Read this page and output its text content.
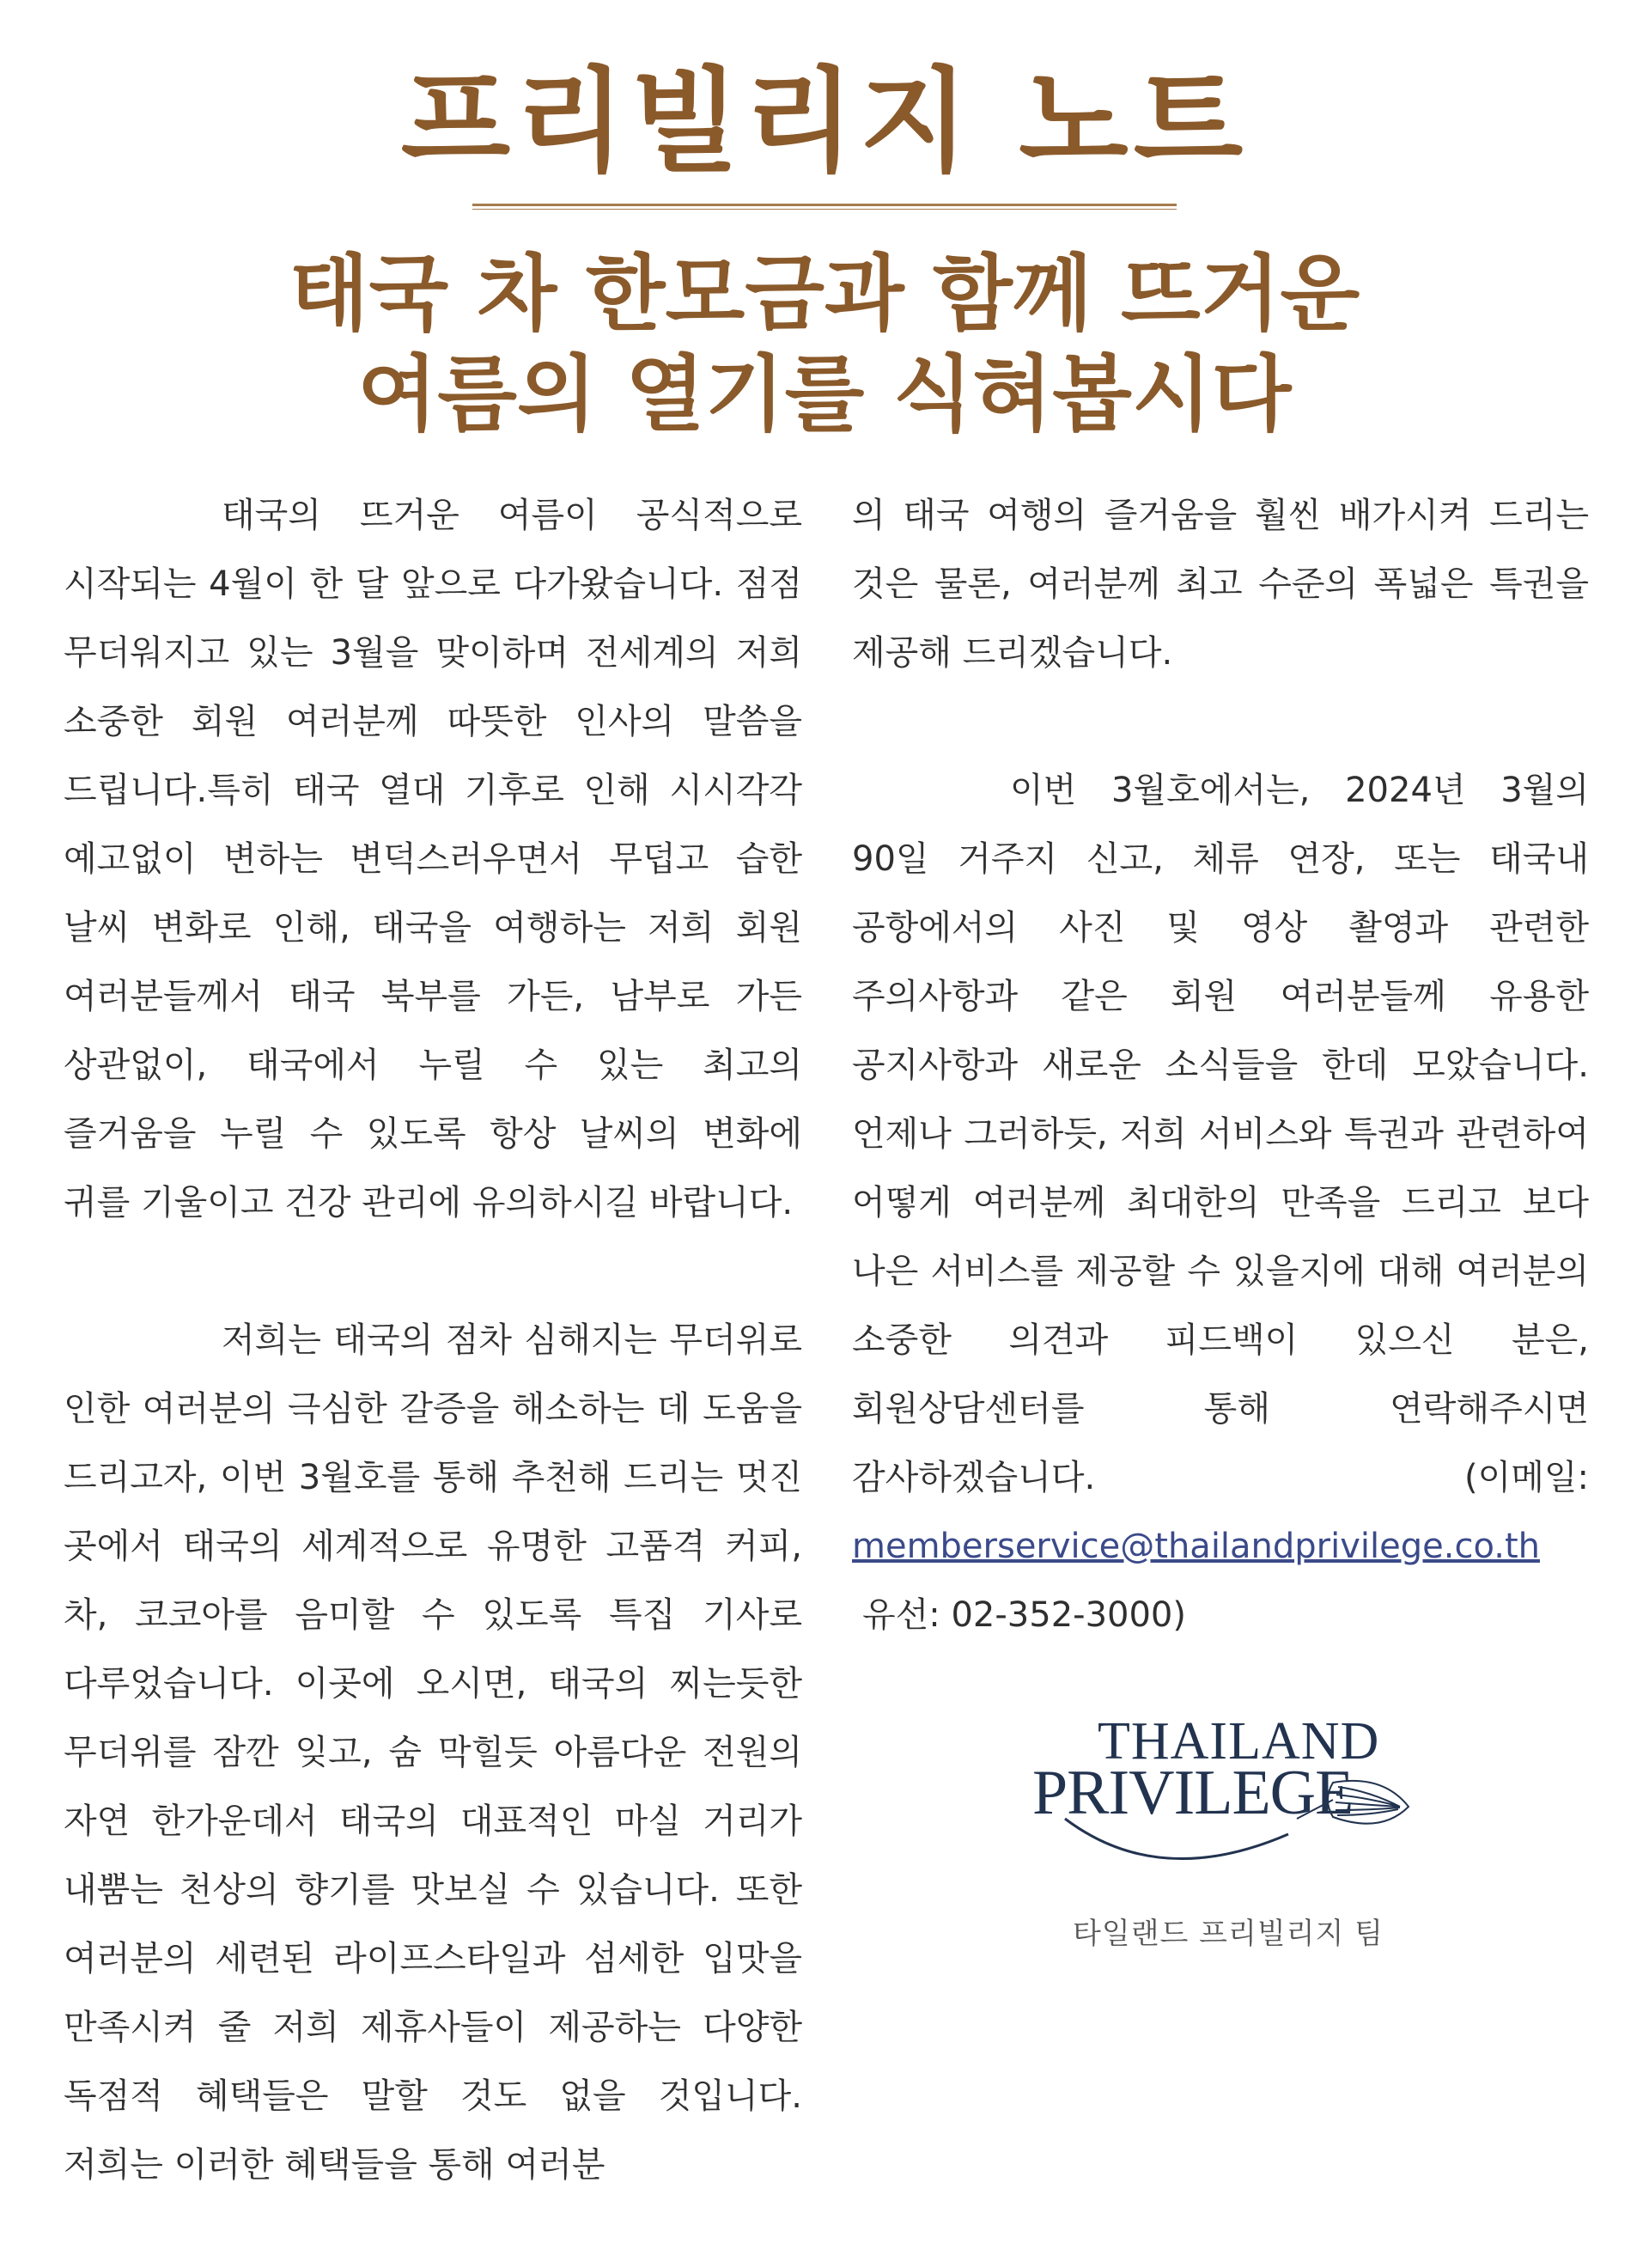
프리빌리지 노트
태국 차 한모금과 함께 뜨거운
여름의 열기를 식혀봅시다

태국의 뜨거운 여름이 공식적으로 시작되는 4월이 한 달 앞으로 다가왔습니다. 점점 무더워지고 있는 3월을 맞이하며 전세계의 저희 소중한 회원 여러분께 따뜻한 인사의 말씀을 드립니다.특히 태국 열대 기후로 인해 시시각각 예고없이 변하는 변덕스러우면서 무덥고 습한 날씨 변화로 인해, 태국을 여행하는 저희 회원 여러분들께서 태국 북부를 가든, 남부로 가든 상관없이, 태국에서 누릴 수 있는 최고의 즐거움을 누릴 수 있도록 항상 날씨의 변화에 귀를 기울이고 건강 관리에 유의하시길 바랍니다.

저희는 태국의 점차 심해지는 무더위로 인한 여러분의 극심한 갈증을 해소하는 데 도움을 드리고자, 이번 3월호를 통해 추천해 드리는 멋진 곳에서 태국의 세계적으로 유명한 고품격 커피, 차, 코코아를 음미할 수 있도록 특집 기사로 다루었습니다. 이곳에 오시면, 태국의 찌는듯한 무더위를 잠깐 잊고, 숨 막힐듯 아름다운 전원의 자연 한가운데서 태국의 대표적인 마실 거리가 내뿜는 천상의 향기를 맛보실 수 있습니다. 또한 여러분의 세련된 라이프스타일과 섬세한 입맛을 만족시켜 줄 저희 제휴사들이 제공하는 다양한 독점적 혜택들은 말할 것도 없을 것입니다. 저희는 이러한 혜택들을 통해 여러분

의 태국 여행의 즐거움을 훨씬 배가시켜 드리는 것은 물론, 여러분께 최고 수준의 폭넓은 특권을 제공해 드리겠습니다.

이번 3월호에서는, 2024년 3월의 90일 거주지 신고, 체류 연장, 또는 태국내 공항에서의 사진 및 영상 촬영과 관련한 주의사항과 같은 회원 여러분들께 유용한 공지사항과 새로운 소식들을 한데 모았습니다. 언제나 그러하듯, 저희 서비스와 특권과 관련하여 어떻게 여러분께 최대한의 만족을 드리고 보다 나은 서비스를 제공할 수 있을지에 대해 여러분의 소중한 의견과 피드백이 있으신 분은, 회원상담센터를 통해 연락해주시면 감사하겠습니다. (이메일: memberservice@thailandprivilege.co.th
유선: 02-352-3000)

THAILAND
PRIVILEGE
타일랜드 프리빌리지 팀
